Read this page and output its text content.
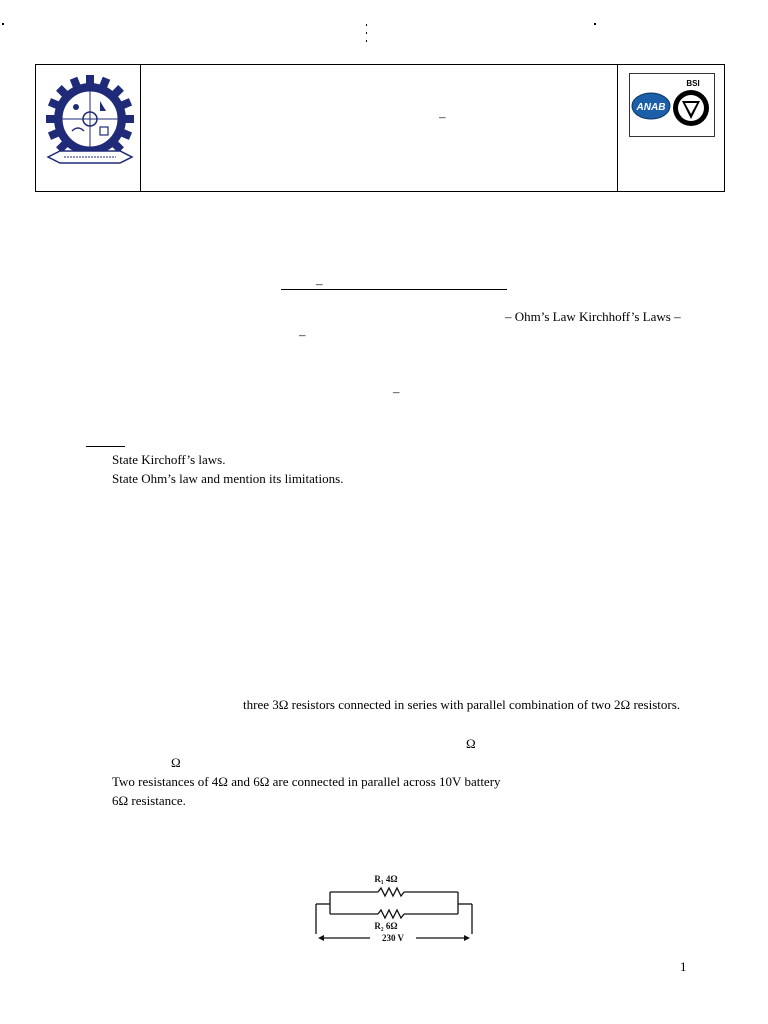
–
ANAB
BSI
–
– Ohm’s Law Kirchhoff’s Laws –
–
–
State Kirchoff’s laws.
State Ohm’s law and mention its limitations.
three 3Ω resistors connected in series with parallel combination of two 2Ω resistors.
Ω
Ω
Two resistances of 4Ω and 6Ω are connected in parallel across 10V battery
6Ω resistance.
R₁ 4Ω
R₂ 6Ω
230 V
1
